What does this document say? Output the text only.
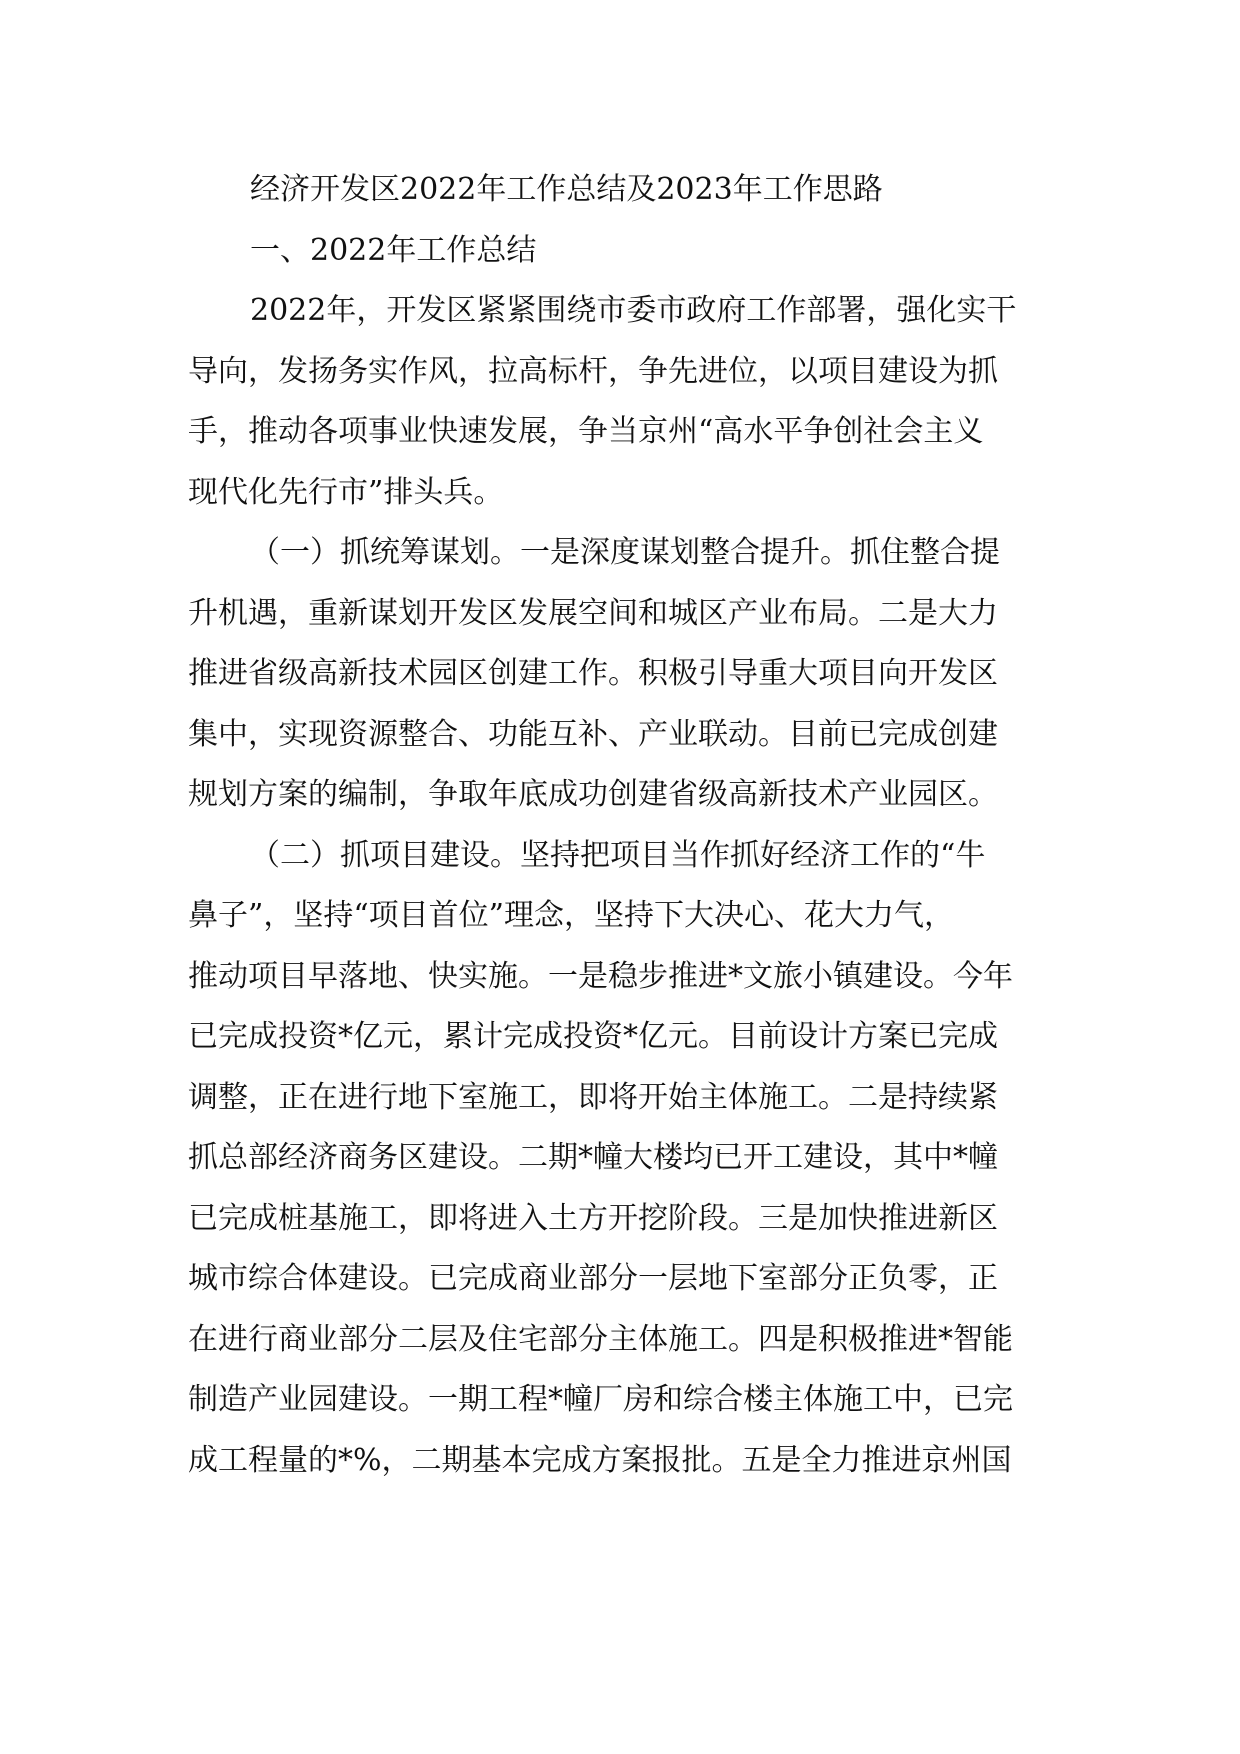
经济开发区2022年工作总结及2023年工作思路
一、2022年工作总结
2022年，开发区紧紧围绕市委市政府工作部署，强化实干
导向，发扬务实作风，拉高标杆，争先进位，以项目建设为抓
手，推动各项事业快速发展，争当京州“高水平争创社会主义
现代化先行市”排头兵。
（一）抓统筹谋划。一是深度谋划整合提升。抓住整合提
升机遇，重新谋划开发区发展空间和城区产业布局。二是大力
推进省级高新技术园区创建工作。积极引导重大项目向开发区
集中，实现资源整合、功能互补、产业联动。目前已完成创建
规划方案的编制，争取年底成功创建省级高新技术产业园区。
（二）抓项目建设。坚持把项目当作抓好经济工作的“牛
鼻子”，坚持“项目首位”理念，坚持下大决心、花大力气，
推动项目早落地、快实施。一是稳步推进*文旅小镇建设。今年
已完成投资*亿元，累计完成投资*亿元。目前设计方案已完成
调整，正在进行地下室施工，即将开始主体施工。二是持续紧
抓总部经济商务区建设。二期*幢大楼均已开工建设，其中*幢
已完成桩基施工，即将进入土方开挖阶段。三是加快推进新区
城市综合体建设。已完成商业部分一层地下室部分正负零，正
在进行商业部分二层及住宅部分主体施工。四是积极推进*智能
制造产业园建设。一期工程*幢厂房和综合楼主体施工中，已完
成工程量的*%，二期基本完成方案报批。五是全力推进京州国
